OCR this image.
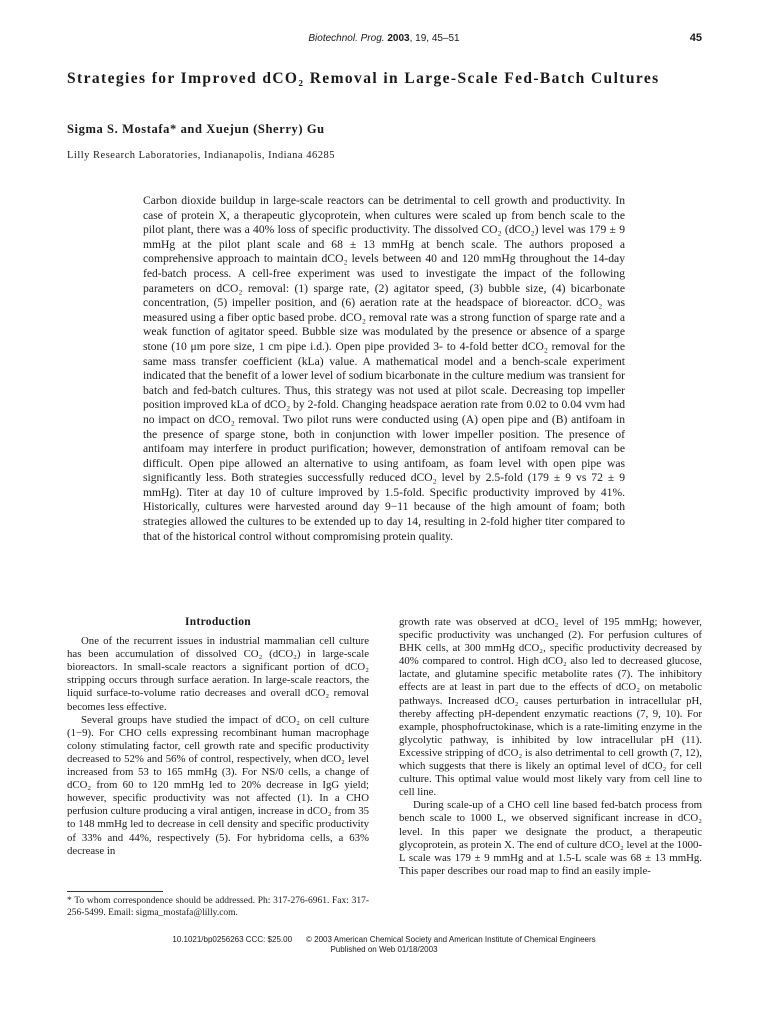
Biotechnol. Prog. 2003, 19, 45–51	45
Strategies for Improved dCO₂ Removal in Large-Scale Fed-Batch Cultures
Sigma S. Mostafa* and Xuejun (Sherry) Gu
Lilly Research Laboratories, Indianapolis, Indiana 46285

Carbon dioxide buildup in large-scale reactors can be detrimental to cell growth and productivity. In case of protein X, a therapeutic glycoprotein, when cultures were scaled up from bench scale to the pilot plant, there was a 40% loss of specific productivity. The dissolved CO₂ (dCO₂) level was 179 ± 9 mmHg at the pilot plant scale and 68 ± 13 mmHg at bench scale. The authors proposed a comprehensive approach to maintain dCO₂ levels between 40 and 120 mmHg throughout the 14-day fed-batch process. A cell-free experiment was used to investigate the impact of the following parameters on dCO₂ removal: (1) sparge rate, (2) agitator speed, (3) bubble size, (4) bicarbonate concentration, (5) impeller position, and (6) aeration rate at the headspace of bioreactor. dCO₂ was measured using a fiber optic based probe. dCO₂ removal rate was a strong function of sparge rate and a weak function of agitator speed. Bubble size was modulated by the presence or absence of a sparge stone (10 μm pore size, 1 cm pipe i.d.). Open pipe provided 3- to 4-fold better dCO₂ removal for the same mass transfer coefficient (kLa) value. A mathematical model and a bench-scale experiment indicated that the benefit of a lower level of sodium bicarbonate in the culture medium was transient for batch and fed-batch cultures. Thus, this strategy was not used at pilot scale. Decreasing top impeller position improved kLa of dCO₂ by 2-fold. Changing headspace aeration rate from 0.02 to 0.04 vvm had no impact on dCO₂ removal. Two pilot runs were conducted using (A) open pipe and (B) antifoam in the presence of sparge stone, both in conjunction with lower impeller position. The presence of antifoam may interfere in product purification; however, demonstration of antifoam removal can be difficult. Open pipe allowed an alternative to using antifoam, as foam level with open pipe was significantly less. Both strategies successfully reduced dCO₂ level by 2.5-fold (179 ± 9 vs 72 ± 9 mmHg). Titer at day 10 of culture improved by 1.5-fold. Specific productivity improved by 41%. Historically, cultures were harvested around day 9−11 because of the high amount of foam; both strategies allowed the cultures to be extended up to day 14, resulting in 2-fold higher titer compared to that of the historical control without compromising protein quality.

Introduction

One of the recurrent issues in industrial mammalian cell culture has been accumulation of dissolved CO₂ (dCO₂) in large-scale bioreactors. In small-scale reactors a significant portion of dCO₂ stripping occurs through surface aeration. In large-scale reactors, the liquid surface-to-volume ratio decreases and overall dCO₂ removal becomes less effective.

Several groups have studied the impact of dCO₂ on cell culture (1−9). For CHO cells expressing recombinant human macrophage colony stimulating factor, cell growth rate and specific productivity decreased to 52% and 56% of control, respectively, when dCO₂ level increased from 53 to 165 mmHg (3). For NS/0 cells, a change of dCO₂ from 60 to 120 mmHg led to 20% decrease in IgG yield; however, specific productivity was not affected (1). In a CHO perfusion culture producing a viral antigen, increase in dCO₂ from 35 to 148 mmHg led to decrease in cell density and specific productivity of 33% and 44%, respectively (5). For hybridoma cells, a 63% decrease in

growth rate was observed at dCO₂ level of 195 mmHg; however, specific productivity was unchanged (2). For perfusion cultures of BHK cells, at 300 mmHg dCO₂, specific productivity decreased by 40% compared to control. High dCO₂ also led to decreased glucose, lactate, and glutamine specific metabolite rates (7). The inhibitory effects are at least in part due to the effects of dCO₂ on metabolic pathways. Increased dCO₂ causes perturbation in intracellular pH, thereby affecting pH-dependent enzymatic reactions (7, 9, 10). For example, phosphofructokinase, which is a rate-limiting enzyme in the glycolytic pathway, is inhibited by low intracellular pH (11). Excessive stripping of dCO₂ is also detrimental to cell growth (7, 12), which suggests that there is likely an optimal level of dCO₂ for cell culture. This optimal value would most likely vary from cell line to cell line.

During scale-up of a CHO cell line based fed-batch process from bench scale to 1000 L, we observed significant increase in dCO₂ level. In this paper we designate the product, a therapeutic glycoprotein, as protein X. The end of culture dCO₂ level at the 1000-L scale was 179 ± 9 mmHg and at 1.5-L scale was 68 ± 13 mmHg. This paper describes our road map to find an easily imple-

* To whom correspondence should be addressed. Ph: 317-276-6961. Fax: 317-256-5499. Email: sigma_mostafa@lilly.com.
10.1021/bp0256263 CCC: $25.00 © 2003 American Chemical Society and American Institute of Chemical Engineers
Published on Web 01/18/2003
